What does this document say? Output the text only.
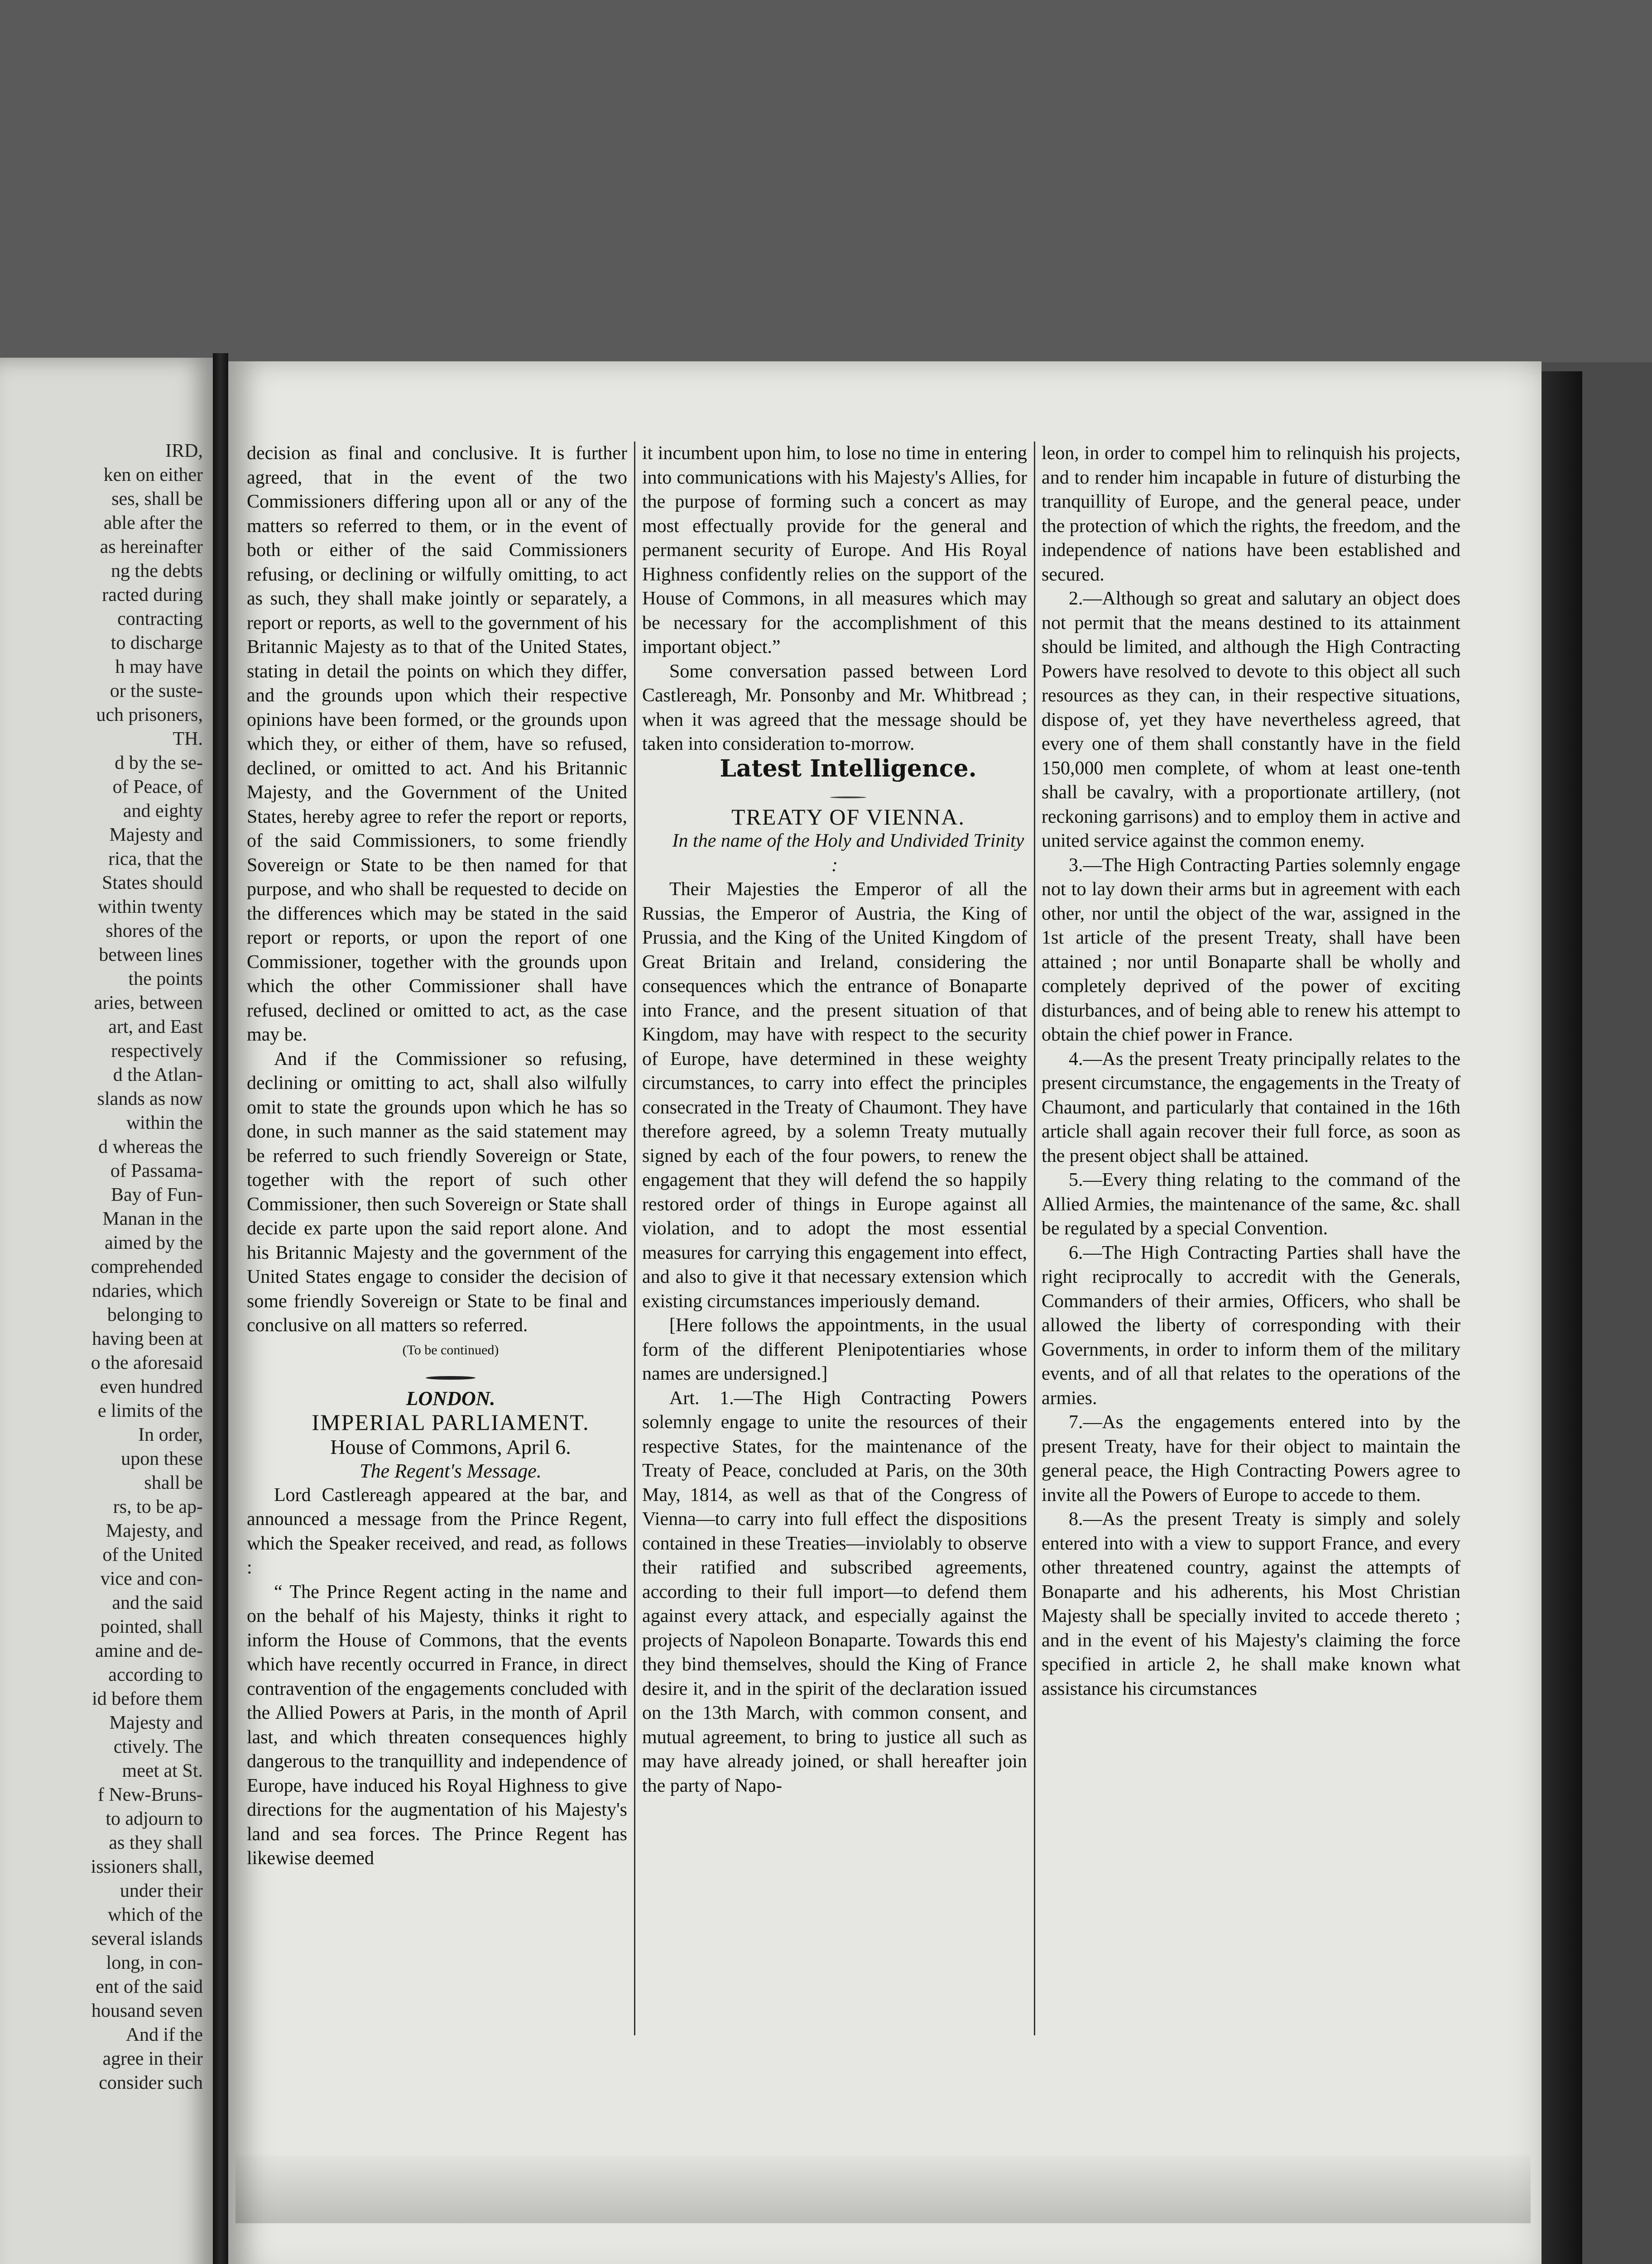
IRD,
ken on either
ses, shall be
able after the
as hereinafter
ng the debts
racted during
contracting
to discharge
h may have
or the suste-
uch prisoners,
TH.
d by the se-
of Peace, of
and eighty
Majesty and
rica, that the
States should
within twenty
shores of the
between lines
the points
aries, between
art, and East
respectively
d the Atlan-
slands as now
within the
d whereas the
of Passama-
Bay of Fun-
Manan in the
aimed by the
comprehended
ndaries, which
belonging to
having been at
o the aforesaid
even hundred
e limits of the
In order,
upon these
shall be
rs, to be ap-
Majesty, and
of the United
vice and con-
and the said
pointed, shall
amine and de-
according to
id before them
Majesty and
ctively. The
meet at St.
f New-Bruns-
to adjourn to
as they shall
issioners shall,
under their
which of the
several islands
long, in con-
ent of the said
housand seven
And if the
agree in their
consider such

decision as final and conclusive. It is further agreed, that in the event of the two Commissioners differing upon all or any of the matters so referred to them, or in the event of both or either of the said Commissioners refusing, or declining or wilfully omitting, to act as such, they shall make jointly or separately, a report or reports, as well to the government of his Britannic Majesty as to that of the United States, stating in detail the points on which they differ, and the grounds upon which their respective opinions have been formed, or the grounds upon which they, or either of them, have so refused, declined, or omitted to act. And his Britannic Majesty, and the Government of the United States, hereby agree to refer the report or reports, of the said Commissioners, to some friendly Sovereign or State to be then named for that purpose, and who shall be requested to decide on the differences which may be stated in the said report or reports, or upon the report of one Commissioner, together with the grounds upon which the other Commissioner shall have refused, declined or omitted to act, as the case may be.

And if the Commissioner so refusing, declining or omitting to act, shall also wilfully omit to state the grounds upon which he has so done, in such manner as the said statement may be referred to such friendly Sovereign or State, together with the report of such other Commissioner, then such Sovereign or State shall decide ex parte upon the said report alone. And his Britannic Majesty and the government of the United States engage to consider the decision of some friendly Sovereign or State to be final and conclusive on all matters so referred.

(To be continued)

LONDON.

IMPERIAL PARLIAMENT.

House of Commons, April 6.

The Regent's Message.

Lord Castlereagh appeared at the bar, and announced a message from the Prince Regent, which the Speaker received, and read, as follows :

“ The Prince Regent acting in the name and on the behalf of his Majesty, thinks it right to inform the House of Commons, that the events which have recently occurred in France, in direct contravention of the engagements concluded with the Allied Powers at Paris, in the month of April last, and which threaten consequences highly dangerous to the tranquillity and independence of Europe, have induced his Royal Highness to give directions for the augmentation of his Majesty's land and sea forces. The Prince Regent has likewise deemed

it incumbent upon him, to lose no time in entering into communications with his Majesty's Allies, for the purpose of forming such a concert as may most effectually provide for the general and permanent security of Europe. And His Royal Highness confidently relies on the support of the House of Commons, in all measures which may be necessary for the accomplishment of this important object.”

Some conversation passed between Lord Castlereagh, Mr. Ponsonby and Mr. Whitbread ; when it was agreed that the message should be taken into consideration to-morrow.

Latest Intelligence.

TREATY OF VIENNA.

In the name of the Holy and Undivided Trinity :

Their Majesties the Emperor of all the Russias, the Emperor of Austria, the King of Prussia, and the King of the United Kingdom of Great Britain and Ireland, considering the consequences which the entrance of Bonaparte into France, and the present situation of that Kingdom, may have with respect to the security of Europe, have determined in these weighty circumstances, to carry into effect the principles consecrated in the Treaty of Chaumont. They have therefore agreed, by a solemn Treaty mutually signed by each of the four powers, to renew the engagement that they will defend the so happily restored order of things in Europe against all violation, and to adopt the most essential measures for carrying this engagement into effect, and also to give it that necessary extension which existing circumstances imperiously demand.

[Here follows the appointments, in the usual form of the different Plenipotentiaries whose names are undersigned.]

Art. 1.—The High Contracting Powers solemnly engage to unite the resources of their respective States, for the maintenance of the Treaty of Peace, concluded at Paris, on the 30th May, 1814, as well as that of the Congress of Vienna—to carry into full effect the dispositions contained in these Treaties—inviolably to observe their ratified and subscribed agreements, according to their full import—to defend them against every attack, and especially against the projects of Napoleon Bonaparte. Towards this end they bind themselves, should the King of France desire it, and in the spirit of the declaration issued on the 13th March, with common consent, and mutual agreement, to bring to justice all such as may have already joined, or shall hereafter join the party of Napo-

leon, in order to compel him to relinquish his projects, and to render him incapable in future of disturbing the tranquillity of Europe, and the general peace, under the protection of which the rights, the freedom, and the independence of nations have been established and secured.

2.—Although so great and salutary an object does not permit that the means destined to its attainment should be limited, and although the High Contracting Powers have resolved to devote to this object all such resources as they can, in their respective situations, dispose of, yet they have nevertheless agreed, that every one of them shall constantly have in the field 150,000 men complete, of whom at least one-tenth shall be cavalry, with a proportionate artillery, (not reckoning garrisons) and to employ them in active and united service against the common enemy.

3.—The High Contracting Parties solemnly engage not to lay down their arms but in agreement with each other, nor until the object of the war, assigned in the 1st article of the present Treaty, shall have been attained ; nor until Bonaparte shall be wholly and completely deprived of the power of exciting disturbances, and of being able to renew his attempt to obtain the chief power in France.

4.—As the present Treaty principally relates to the present circumstance, the engagements in the Treaty of Chaumont, and particularly that contained in the 16th article shall again recover their full force, as soon as the present object shall be attained.

5.—Every thing relating to the command of the Allied Armies, the maintenance of the same, &c. shall be regulated by a special Convention.

6.—The High Contracting Parties shall have the right reciprocally to accredit with the Generals, Commanders of their armies, Officers, who shall be allowed the liberty of corresponding with their Governments, in order to inform them of the military events, and of all that relates to the operations of the armies.

7.—As the engagements entered into by the present Treaty, have for their object to maintain the general peace, the High Contracting Powers agree to invite all the Powers of Europe to accede to them.

8.—As the present Treaty is simply and solely entered into with a view to support France, and every other threatened country, against the attempts of Bonaparte and his adherents, his Most Christian Majesty shall be specially invited to accede thereto ; and in the event of his Majesty's claiming the force specified in article 2, he shall make known what assistance his circumstances
